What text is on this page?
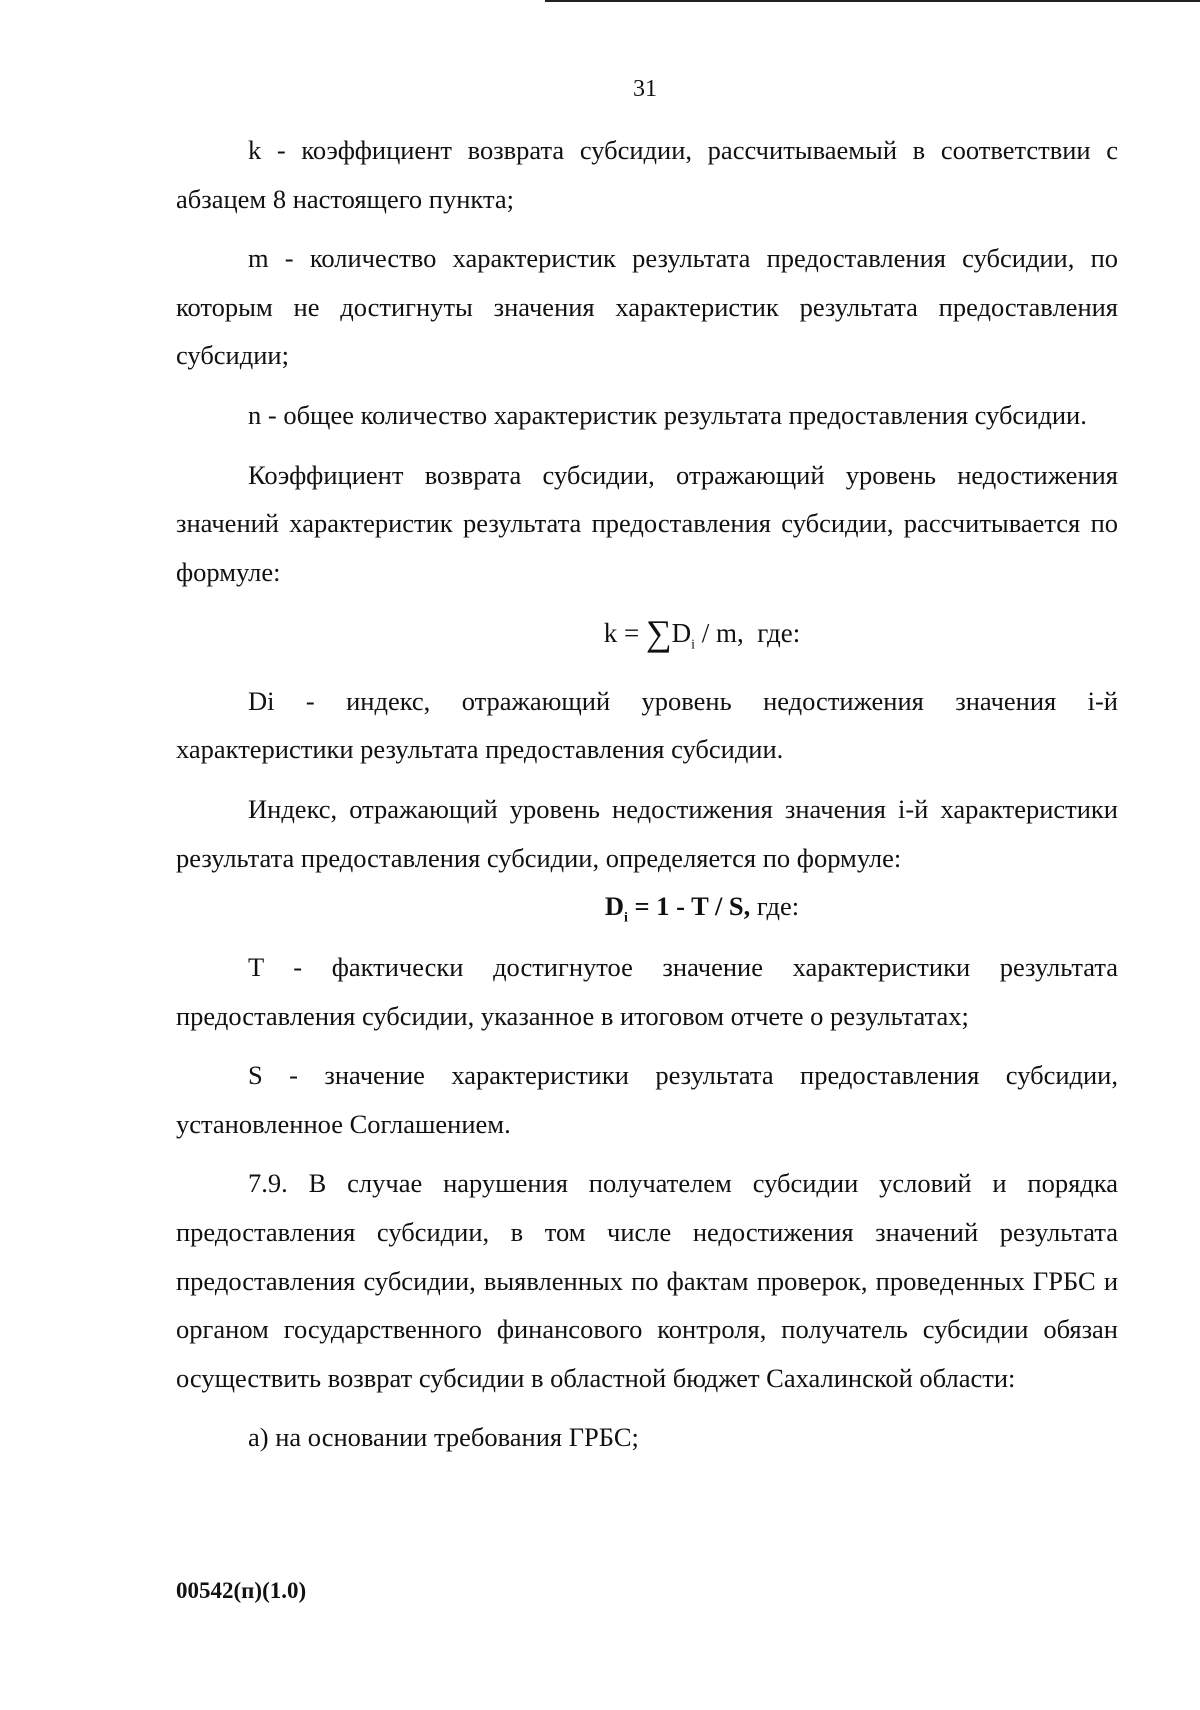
31

k - коэффициент возврата субсидии, рассчитываемый в соответствии с абзацем 8 настоящего пункта;

m - количество характеристик результата предоставления субсидии, по которым не достигнуты значения характеристик результата предоставления субсидии;

n - общее количество характеристик результата предоставления субсидии.

Коэффициент возврата субсидии, отражающий уровень недостижения значений характеристик результата предоставления субсидии, рассчитывается по формуле:

$k = \sum D_i / m$, где:

Di - индекс, отражающий уровень недостижения значения i-й характеристики результата предоставления субсидии.

Индекс, отражающий уровень недостижения значения i-й характеристики результата предоставления субсидии, определяется по формуле:

$D_i = 1 - T / S$, где:

T - фактически достигнутое значение характеристики результата предоставления субсидии, указанное в итоговом отчете о результатах;

S - значение характеристики результата предоставления субсидии, установленное Соглашением.

7.9. В случае нарушения получателем субсидии условий и порядка предоставления субсидии, в том числе недостижения значений результата предоставления субсидии, выявленных по фактам проверок, проведенных ГРБС и органом государственного финансового контроля, получатель субсидии обязан осуществить возврат субсидии в областной бюджет Сахалинской области:

а) на основании требования ГРБС;

00542(п)(1.0)
